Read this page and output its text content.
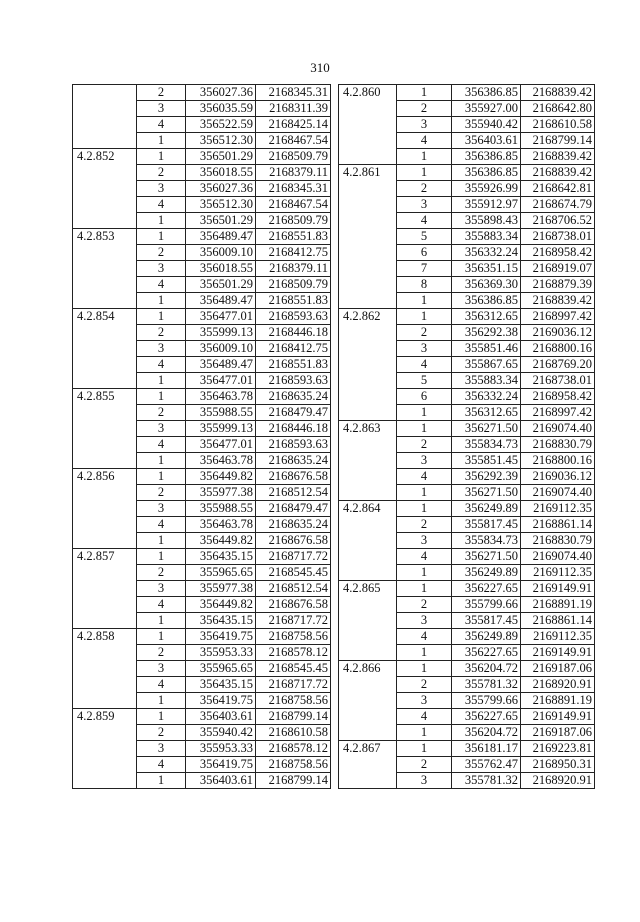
310
	2	356027.36	2168345.31
	3	356035.59	2168311.39
	4	356522.59	2168425.14
	1	356512.30	2168467.54
4.2.852	1	356501.29	2168509.79
	2	356018.55	2168379.11
	3	356027.36	2168345.31
	4	356512.30	2168467.54
	1	356501.29	2168509.79
4.2.853	1	356489.47	2168551.83
	2	356009.10	2168412.75
	3	356018.55	2168379.11
	4	356501.29	2168509.79
	1	356489.47	2168551.83
4.2.854	1	356477.01	2168593.63
	2	355999.13	2168446.18
	3	356009.10	2168412.75
	4	356489.47	2168551.83
	1	356477.01	2168593.63
4.2.855	1	356463.78	2168635.24
	2	355988.55	2168479.47
	3	355999.13	2168446.18
	4	356477.01	2168593.63
	1	356463.78	2168635.24
4.2.856	1	356449.82	2168676.58
	2	355977.38	2168512.54
	3	355988.55	2168479.47
	4	356463.78	2168635.24
	1	356449.82	2168676.58
4.2.857	1	356435.15	2168717.72
	2	355965.65	2168545.45
	3	355977.38	2168512.54
	4	356449.82	2168676.58
	1	356435.15	2168717.72
4.2.858	1	356419.75	2168758.56
	2	355953.33	2168578.12
	3	355965.65	2168545.45
	4	356435.15	2168717.72
	1	356419.75	2168758.56
4.2.859	1	356403.61	2168799.14
	2	355940.42	2168610.58
	3	355953.33	2168578.12
	4	356419.75	2168758.56
	1	356403.61	2168799.14
4.2.860	1	356386.85	2168839.42
	2	355927.00	2168642.80
	3	355940.42	2168610.58
	4	356403.61	2168799.14
	1	356386.85	2168839.42
4.2.861	1	356386.85	2168839.42
	2	355926.99	2168642.81
	3	355912.97	2168674.79
	4	355898.43	2168706.52
	5	355883.34	2168738.01
	6	356332.24	2168958.42
	7	356351.15	2168919.07
	8	356369.30	2168879.39
	1	356386.85	2168839.42
4.2.862	1	356312.65	2168997.42
	2	356292.38	2169036.12
	3	355851.46	2168800.16
	4	355867.65	2168769.20
	5	355883.34	2168738.01
	6	356332.24	2168958.42
	1	356312.65	2168997.42
4.2.863	1	356271.50	2169074.40
	2	355834.73	2168830.79
	3	355851.45	2168800.16
	4	356292.39	2169036.12
	1	356271.50	2169074.40
4.2.864	1	356249.89	2169112.35
	2	355817.45	2168861.14
	3	355834.73	2168830.79
	4	356271.50	2169074.40
	1	356249.89	2169112.35
4.2.865	1	356227.65	2169149.91
	2	355799.66	2168891.19
	3	355817.45	2168861.14
	4	356249.89	2169112.35
	1	356227.65	2169149.91
4.2.866	1	356204.72	2169187.06
	2	355781.32	2168920.91
	3	355799.66	2168891.19
	4	356227.65	2169149.91
	1	356204.72	2169187.06
4.2.867	1	356181.17	2169223.81
	2	355762.47	2168950.31
	3	355781.32	2168920.91
